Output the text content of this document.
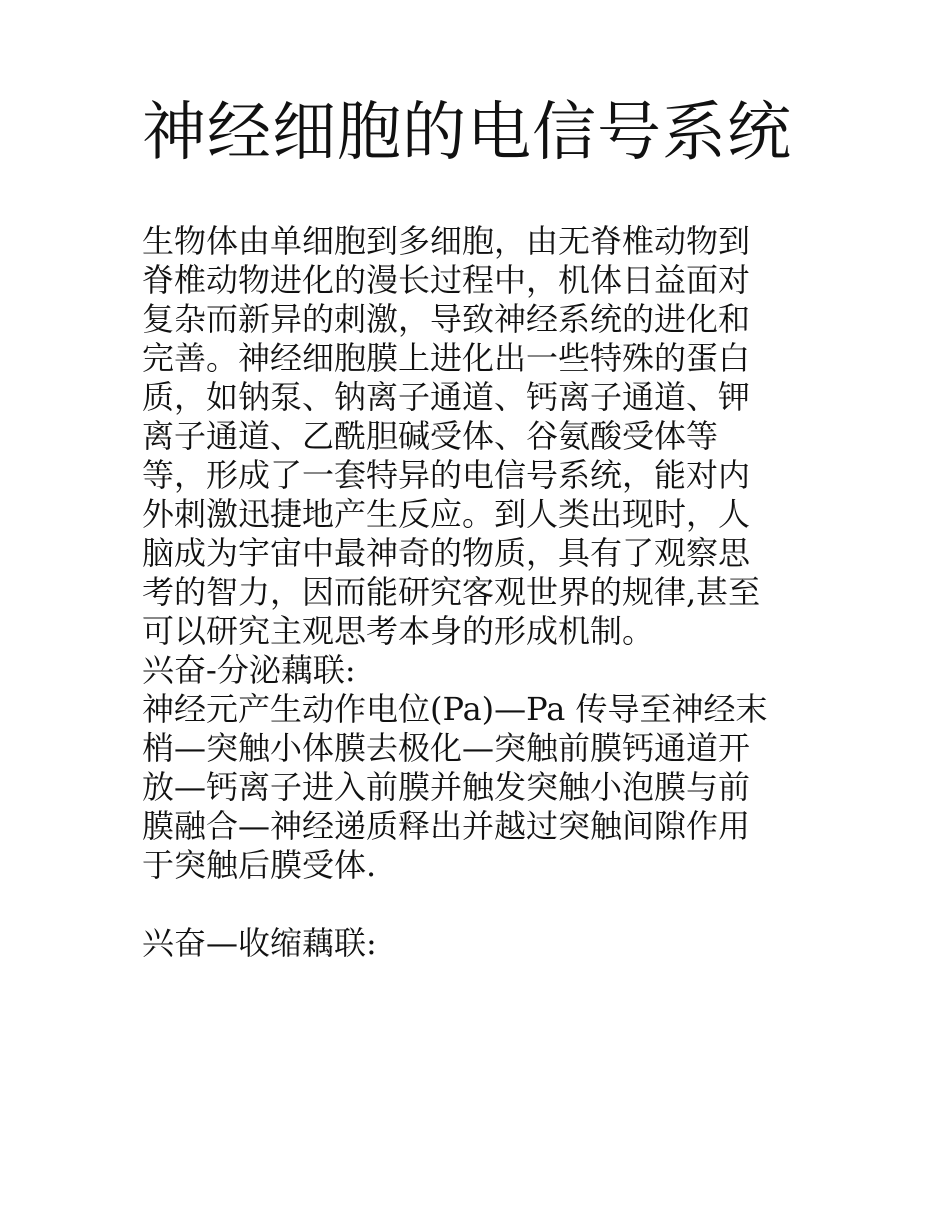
神经细胞的电信号系统
生物体由单细胞到多细胞，由无脊椎动物到
脊椎动物进化的漫长过程中，机体日益面对
复杂而新异的刺激，导致神经系统的进化和
完善。神经细胞膜上进化出一些特殊的蛋白
质，如钠泵、钠离子通道、钙离子通道、钾
离子通道、乙酰胆碱受体、谷氨酸受体等
等，形成了一套特异的电信号系统，能对内
外刺激迅捷地产生反应。到人类出现时，人
脑成为宇宙中最神奇的物质，具有了观察思
考的智力，因而能研究客观世界的规律,甚至
可以研究主观思考本身的形成机制。
兴奋-分泌藕联:
神经元产生动作电位(Pa)—Pa 传导至神经末
梢—突触小体膜去极化—突触前膜钙通道开
放—钙离子进入前膜并触发突触小泡膜与前
膜融合—神经递质释出并越过突触间隙作用
于突触后膜受体.
兴奋—收缩藕联:
